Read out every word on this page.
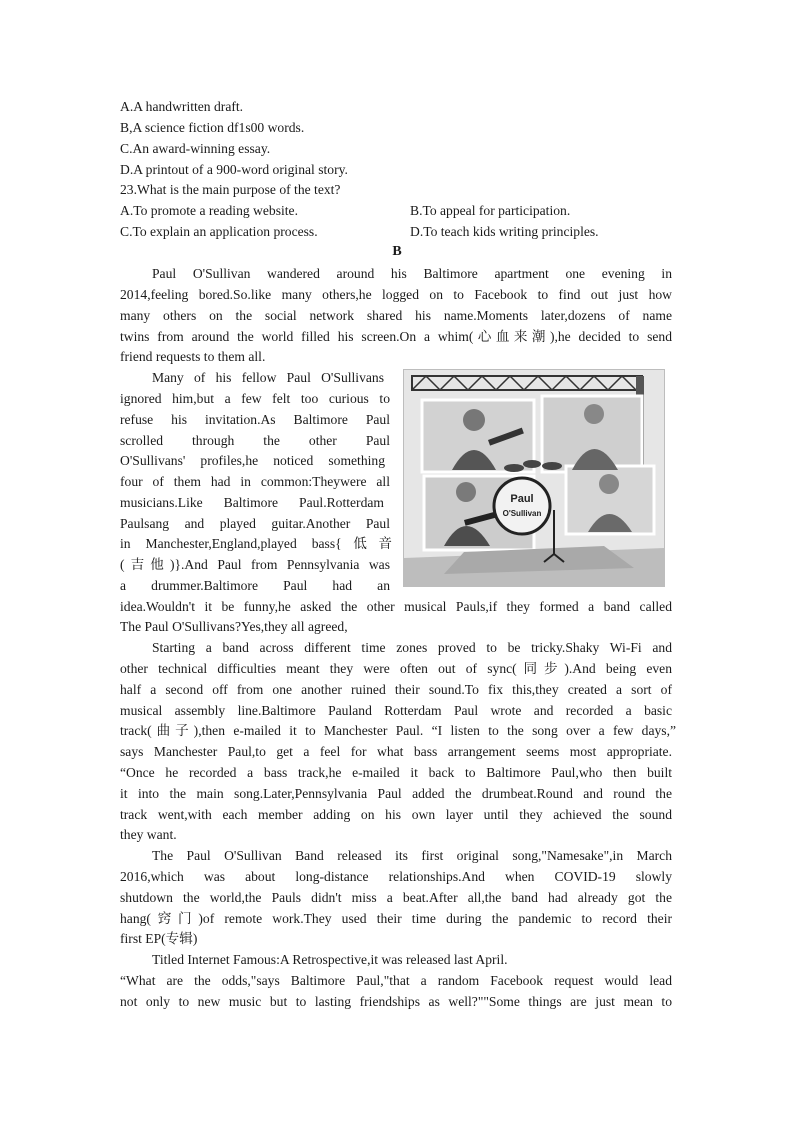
A.A handwritten draft.

B,A science fiction df1s00 words.

C.An award-winning essay.

D.A printout of a 900-word original story.

23.What is the main purpose of the text?

A.To promote a reading website.	B.To appeal for participation.

C.To explain an application process.	D.To teach kids writing principles.

B

Paul O'Sullivan wandered around his Baltimore apartment one evening in

2014,feeling bored.So.like many others,he logged on to Facebook to find out just how

many others on the social network shared his name.Moments later,dozens of name

twins from around the world filled his screen.On a whim(心血来潮),he decided to send

friend requests to them all.

Many of his fellow Paul O'Sullivans

ignored him,but a few felt too curious to

refuse his invitation.As Baltimore Paul

scrolled through the other Paul

O'Sullivans' profiles,he noticed something

four of them had in common:Theywere all

musicians.Like Baltimore Paul.Rotterdam

Paulsang and played guitar.Another Paul

in Manchester,England,played bass{低音

(吉他)}.And Paul from Pennsylvania was

a drummer.Baltimore Paul had an

idea.Wouldn't it be funny,he asked the other musical Pauls,if they formed a band called

The Paul O'Sullivans?Yes,they all agreed,

Starting a band across different time zones proved to be tricky.Shaky Wi-Fi and

other technical difficulties meant they were often out of sync(同步).And being even

half a second off from one another ruined their sound.To fix this,they created a sort of

musical assembly line.Baltimore Pauland Rotterdam Paul wrote and recorded a basic

track(曲子),then e-mailed it to Manchester Paul. “I listen to the song over a few days,”

says Manchester Paul,to get a feel for what bass arrangement seems most appropriate.

“Once he recorded a bass track,he e-mailed it back to Baltimore Paul,who then built

it into the main song.Later,Pennsylvania Paul added the drumbeat.Round and round the

track went,with each member adding on his own layer until they achieved the sound

they want.

The Paul O'Sullivan Band released its first original song,"Namesake",in March

2016,which was about long-distance relationships.And when COVID-19 slowly

shutdown the world,the Pauls didn't miss a beat.After all,the band had already got the

hang(窍门)of remote work.They used their time during the pandemic to record their

first EP(专辑)

Titled Internet Famous:A Retrospective,it was released last April.

“What are the odds,"says Baltimore Paul,"that a random Facebook request would lead

not only to new music but to lasting friendships as well?""Some things are just mean to

Paul
O'Sullivan
